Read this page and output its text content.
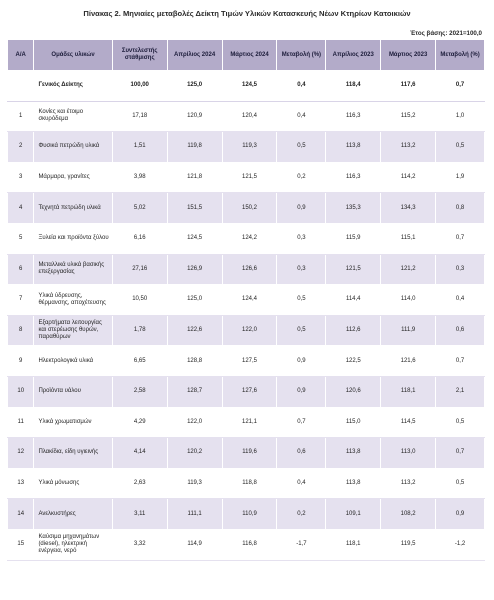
Πίνακας 2. Μηνιαίες μεταβολές Δείκτη Τιμών Υλικών Κατασκευής Νέων Κτηρίων Κατοικιών
Έτος βάσης: 2021=100,0
Α/Α	Ομάδες υλικών	Συντελεστής στάθμισης	Απρίλιος 2024	Μάρτιος 2024	Μεταβολή (%)	Απρίλιος 2023	Μάρτιος 2023	Μεταβολή (%)
	Γενικός Δείκτης	100,00	125,0	124,5	0,4	118,4	117,6	0,7
1	Κονίες και έτοιμο σκυρόδεμα	17,18	120,9	120,4	0,4	116,3	115,2	1,0
2	Φυσικά πετρώδη υλικά	1,51	119,8	119,3	0,5	113,8	113,2	0,5
3	Μάρμαρα, γρανίτες	3,98	121,8	121,5	0,2	116,3	114,2	1,9
4	Τεχνητά πετρώδη υλικά	5,02	151,5	150,2	0,9	135,3	134,3	0,8
5	Ξυλεία και προϊόντα ξύλου	6,16	124,5	124,2	0,3	115,9	115,1	0,7
6	Μεταλλικά υλικά βασικής επεξεργασίας	27,16	126,9	126,6	0,3	121,5	121,2	0,3
7	Υλικά ύδρευσης, θέρμανσης, αποχέτευσης	10,50	125,0	124,4	0,5	114,4	114,0	0,4
8	Εξαρτήματα λειτουργίας και στερέωσης θυρών, παραθύρων	1,78	122,6	122,0	0,5	112,6	111,9	0,6
9	Ηλεκτρολογικά υλικά	6,65	128,8	127,5	0,9	122,5	121,6	0,7
10	Προϊόντα υάλου	2,58	128,7	127,6	0,9	120,6	118,1	2,1
11	Υλικά χρωματισμών	4,29	122,0	121,1	0,7	115,0	114,5	0,5
12	Πλακίδια, είδη υγιεινής	4,14	120,2	119,6	0,6	113,8	113,0	0,7
13	Υλικά μόνωσης	2,63	119,3	118,8	0,4	113,8	113,2	0,5
14	Ανελκυστήρες	3,11	111,1	110,9	0,2	109,1	108,2	0,9
15	Καύσιμα μηχανημάτων (diesel), ηλεκτρική ενέργεια, νερό	3,32	114,9	116,8	-1,7	118,1	119,5	-1,2
